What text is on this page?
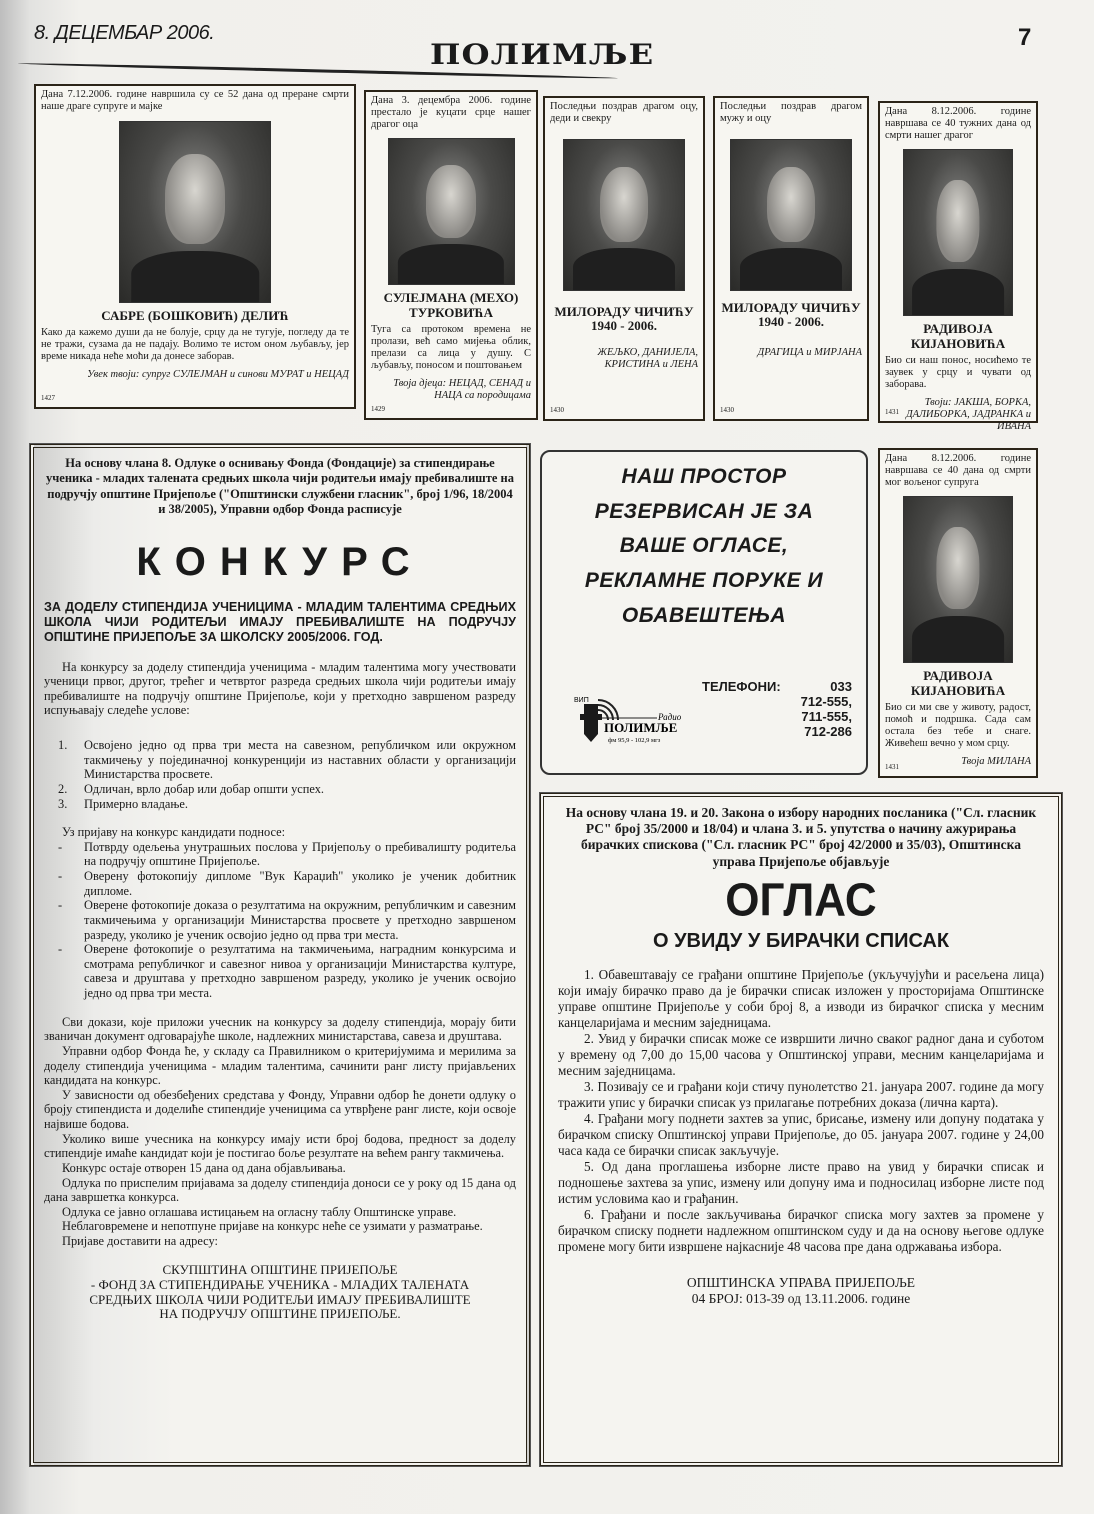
8. ДЕЦЕМБАР 2006.
ПОЛИМЉЕ
7
Дана 7.12.2006. године навршила су се 52 дана од преране смрти наше драге супруге и мајке
САБРЕ (БОШКОВИЋ) ДЕЛИЋ
Како да кажемо души да не болује, срцу да не тугује, погледу да те не тражи, сузама да не падају. Волимо те истом оном љубављу, јер време никада неће моћи да донесе заборав.
Увек твоји: супруг СУЛЕЈМАН и синови МУРАТ и НЕЦАД
1427
Дана 3. децембра 2006. године престало је куцати срце нашег драгог оца
СУЛЕЈМАНА (МЕХО) ТУРКОВИЋА
Туга са протоком времена не пролази, већ само мијења облик, прелази са лица у душу. С љубављу, поносом и поштовањем
Твоја дјеца: НЕЦАД, СЕНАД и НАЦА са породицама
1429
Последњи поздрав драгом оцу, деди и свекру
МИЛОРАДУ ЧИЧИЋУ 1940 - 2006.
ЖЕЉКО, ДАНИЈЕЛА, КРИСТИНА и ЛЕНА
1430
Последњи поздрав драгом мужу и оцу
МИЛОРАДУ ЧИЧИЋУ 1940 - 2006.
ДРАГИЦА и МИРЈАНА
1430
Дана 8.12.2006. године навршава се 40 тужних дана од смрти нашег драгог
РАДИВОЈА КИЈАНОВИЋА
Био си наш понос, носићемо те заувек у срцу и чувати од заборава.
Твоји: ЈАКША, БОРКА, ДАЛИБОРКА, ЈАДРАНКА и ИВАНА
1431
Дана 8.12.2006. године навршава се 40 дана од смрти мог вољеног супруга
РАДИВОЈА КИЈАНОВИЋА
Био си ми све у животу, радост, помоћ и подршка. Сада сам остала без тебе и снаге. Живећеш вечно у мом срцу.
Твоја МИЛАНА
1431
На основу члана 8. Одлуке о оснивању Фонда (Фондације) за стипендирање ученика - младих талената средњих школа чији родитељи имају пребивалиште на подручју општине Пријепоље ("Општински службени гласник", број 1/96, 18/2004 и 38/2005), Управни одбор Фонда расписује
КОНКУРС
ЗА ДОДЕЛУ СТИПЕНДИЈА УЧЕНИЦИМА - МЛАДИМ ТАЛЕНТИМА СРЕДЊИХ ШКОЛА ЧИЈИ РОДИТЕЉИ ИМАЈУ ПРЕБИВАЛИШТЕ НА ПОДРУЧЈУ ОПШТИНЕ ПРИЈЕПОЉЕ ЗА ШКОЛСКУ 2005/2006. ГОД.

На конкурсу за доделу стипендија ученицима - младим талентима могу учествовати ученици првог, другог, трећег и четвртог разреда средњих школа чији родитељи имају пребивалиште на подручју општине Пријепоље, који у претходно завршеном разреду испуњавају следеће услове:

1. Освојено једно од прва три места на савезном, републичком или окружном такмичењу у појединачној конкуренцији из наставних области у организацији Министарства просвете.
2. Одличан, врло добар или добар општи успех.
3. Примерно владање.

Уз пријаву на конкурс кандидати подносе:

- Потврду одељења унутрашњих послова у Пријепољу о пребивалишту родитеља на подручју општине Пријепоље.
- Оверену фотокопију дипломе "Вук Караџић" уколико је ученик добитник дипломе.
- Оверене фотокопије доказа о резултатима на окружним, републичким и савезним такмичењима у организацији Министарства просвете у претходно завршеном разреду, уколико је ученик освојио једно од прва три места.
- Оверене фотокопије о резултатима на такмичењима, наградним конкурсима и смотрама републичког и савезног нивоа у организацији Министарства културе, савеза и друштава у претходно завршеном разреду, уколико је ученик освојио једно од прва три места.

Сви докази, које приложи учесник на конкурсу за доделу стипендија, морају бити званичан документ одговарајуће школе, надлежних министарстава, савеза и друштава.

Управни одбор Фонда ће, у складу са Правилником о критеријумима и мерилима за доделу стипендија ученицима - младим талентима, сачинити ранг листу пријављених кандидата на конкурс.

У зависности од обезбеђених средстава у Фонду, Управни одбор ће донети одлуку о броју стипендиста и доделиће стипендије ученицима са утврђене ранг листе, који освоје највише бодова.

Уколико више учесника на конкурсу имају исти број бодова, предност за доделу стипендије имаће кандидат који је постигао боље резултате на већем рангу такмичења.

Конкурс остаје отворен 15 дана од дана објављивања.

Одлука по приспелим пријавама за доделу стипендија доноси се у року од 15 дана од дана завршетка конкурса.

Одлука се јавно оглашава истицањем на огласну таблу Општинске управе.

Неблаговремене и непотпуне пријаве на конкурс неће се узимати у разматрање.

Пријаве доставити на адресу:

СКУПШТИНА ОПШТИНЕ ПРИЈЕПОЉЕ
- ФОНД ЗА СТИПЕНДИРАЊЕ УЧЕНИКА - МЛАДИХ ТАЛЕНАТА
СРЕДЊИХ ШКОЛА ЧИЈИ РОДИТЕЉИ ИМАЈУ ПРЕБИВАЛИШТЕ
НА ПОДРУЧЈУ ОПШТИНЕ ПРИЈЕПОЉЕ.
НАШ ПРОСТОР
РЕЗЕРВИСАН ЈЕ ЗА
ВАШЕ ОГЛАСЕ,
РЕКЛАМНЕ ПОРУКЕ И
ОБАВЕШТЕЊА
ТЕЛЕФОНИ:	033
712-555,
711-555,
712-286
ВИП
Радио
ПОЛИМЉЕ
фм 95,9 - 102,9 мгз
На основу члана 19. и 20. Закона о избору народних посланика ("Сл. гласник РС" број 35/2000 и 18/04) и члана 3. и 5. упутства о начину ажурирања бирачких спискова ("Сл. гласник РС" број 42/2000 и 35/03), Општинска управа Пријепоље објављује
ОГЛАС
О УВИДУ У БИРАЧКИ СПИСАК

1. Обавештавају се грађани општине Пријепоље (укључујући и расељена лица) који имају бирачко право да је бирачки списак изложен у просторијама Општинске управе општине Пријепоље у соби број 8, а изводи из бирачког списка у месним канцеларијама и месним заједницама.

2. Увид у бирачки списак може се извршити лично сваког радног дана и суботом у времену од 7,00 до 15,00 часова у Општинској управи, месним канцеларијама и месним заједницама.

3. Позивају се и грађани који стичу пунолетство 21. јануара 2007. године да могу тражити упис у бирачки списак уз прилагање потребних доказа (лична карта).

4. Грађани могу поднети захтев за упис, брисање, измену или допуну података у бирачком списку Општинској управи Пријепоље, до 05. јануара 2007. године у 24,00 часа када се бирачки списак закључује.

5. Од дана проглашења изборне листе право на увид у бирачки списак и подношење захтева за упис, измену или допуну има и подносилац изборне листе под истим условима као и грађанин.

6. Грађани и после закључивања бирачког списка могу захтев за промене у бирачком списку поднети надлежном општинском суду и да на основу његове одлуке промене могу бити извршене најкасније 48 часова пре дана одржавања избора.

ОПШТИНСКА УПРАВА ПРИЈЕПОЉЕ
04 БРОЈ: 013-39 од 13.11.2006. године
